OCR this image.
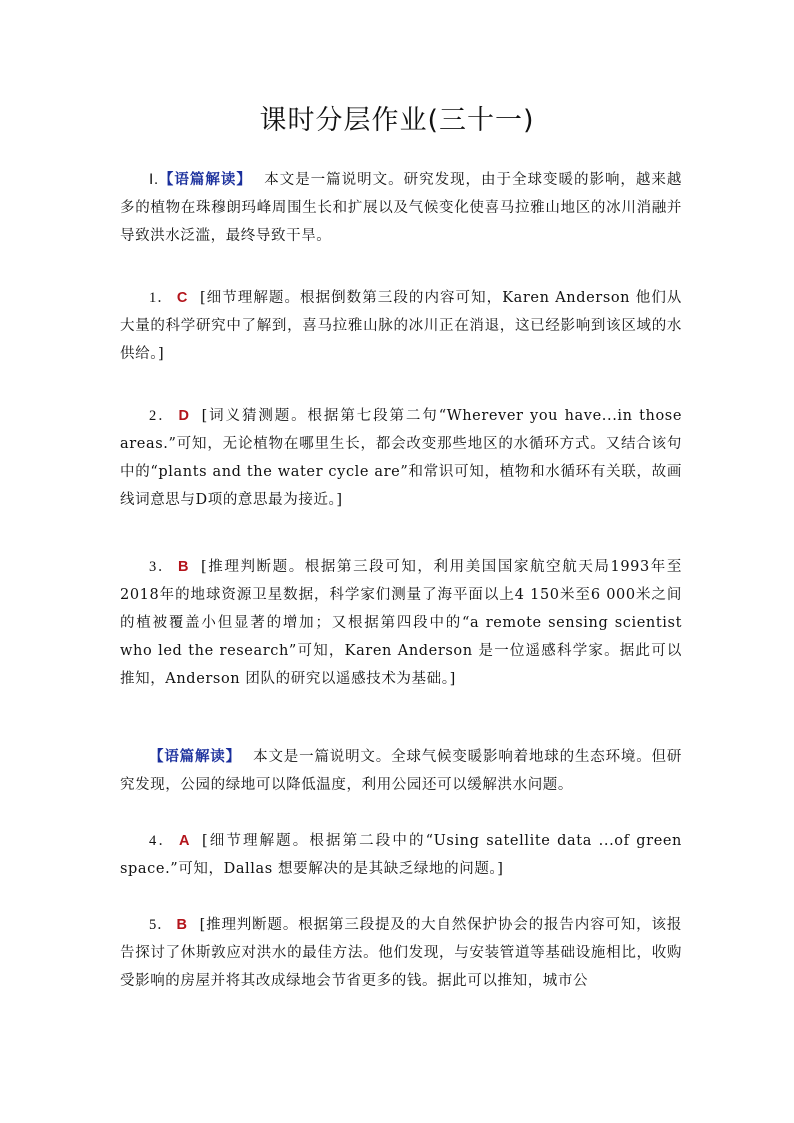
课时分层作业(三十一)
Ⅰ.【语篇解读】 本文是一篇说明文。研究发现，由于全球变暖的影响，越来越多的植物在珠穆朗玛峰周围生长和扩展以及气候变化使喜马拉雅山地区的冰川消融并导致洪水泛滥，最终导致干旱。
1． C [细节理解题。根据倒数第三段的内容可知，Karen Anderson 他们从大量的科学研究中了解到，喜马拉雅山脉的冰川正在消退，这已经影响到该区域的水供给。]
2． D [词义猜测题。根据第七段第二句“Wherever you have...in those areas.”可知，无论植物在哪里生长，都会改变那些地区的水循环方式。又结合该句中的“plants and the water cycle are”和常识可知，植物和水循环有关联，故画线词意思与D项的意思最为接近。]
3． B [推理判断题。根据第三段可知，利用美国国家航空航天局1993年至2018年的地球资源卫星数据，科学家们测量了海平面以上4 150米至6 000米之间的植被覆盖小但显著的增加；又根据第四段中的“a remote sensing scientist who led the research”可知，Karen Anderson 是一位遥感科学家。据此可以推知，Anderson 团队的研究以遥感技术为基础。]
【语篇解读】 本文是一篇说明文。全球气候变暖影响着地球的生态环境。但研究发现，公园的绿地可以降低温度，利用公园还可以缓解洪水问题。
4． A [细节理解题。根据第二段中的“Using satellite data ...of green space.”可知，Dallas 想要解决的是其缺乏绿地的问题。]
5． B [推理判断题。根据第三段提及的大自然保护协会的报告内容可知，该报告探讨了休斯敦应对洪水的最佳方法。他们发现，与安装管道等基础设施相比，收购受影响的房屋并将其改成绿地会节省更多的钱。据此可以推知，城市公
